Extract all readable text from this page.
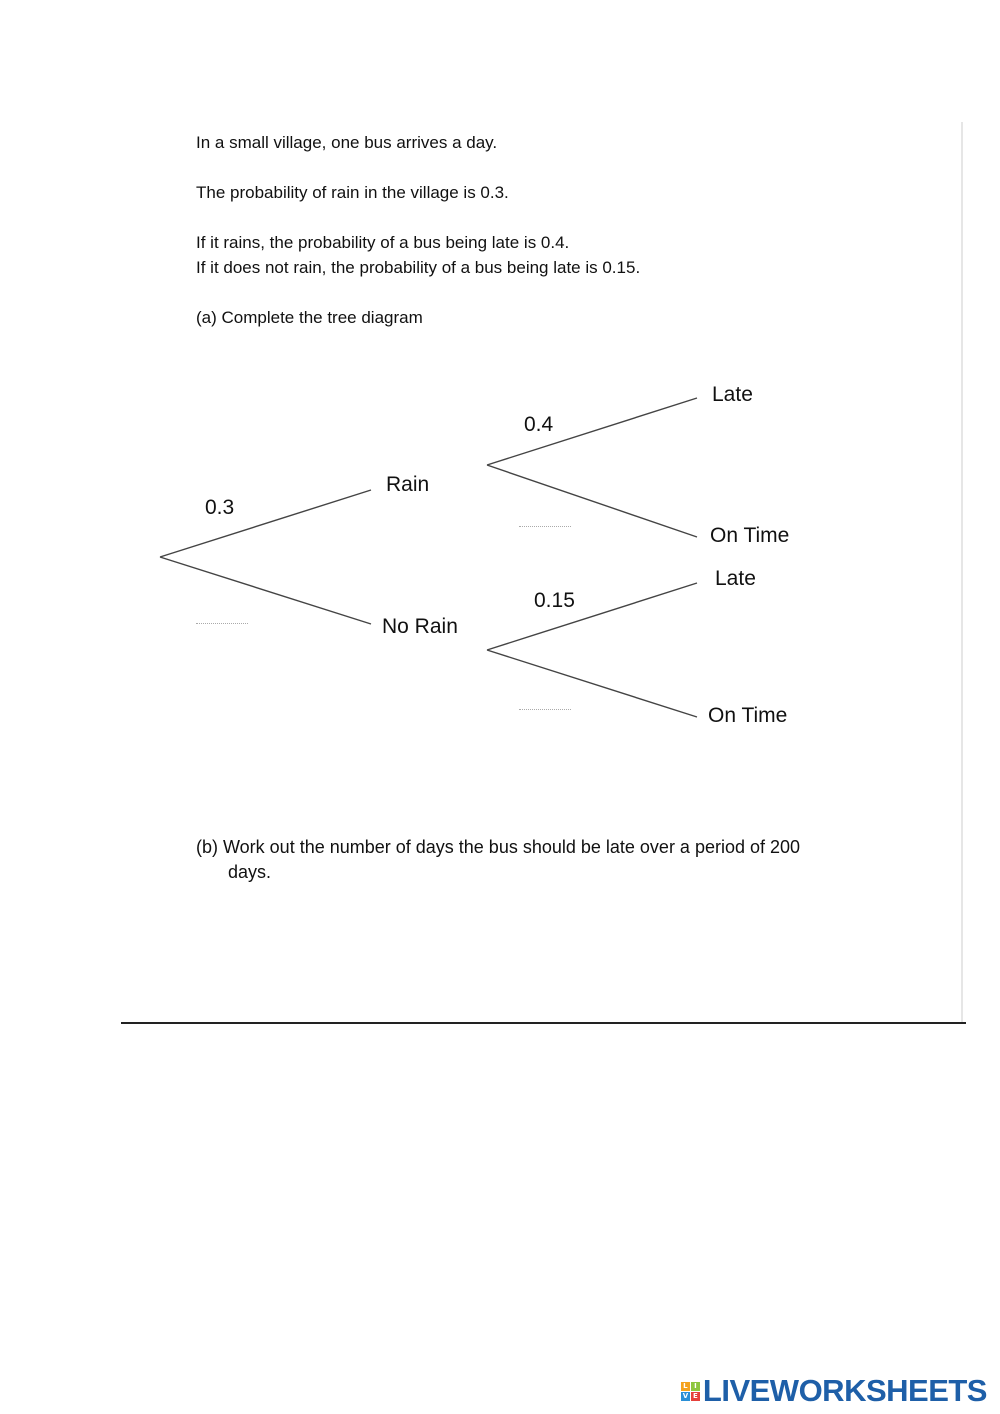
In a small village, one bus arrives a day.
The probability of rain in the village is 0.3.
If it rains, the probability of a bus being late is 0.4.
If it does not rain, the probability of a bus being late is 0.15.
(a) Complete the tree diagram
0.3
Rain
No Rain
0.4
0.15
Late
On Time
Late
On Time
(b) Work out the number of days the bus should be late over a period of 200
days.
L I
V E LIVEWORKSHEETS
